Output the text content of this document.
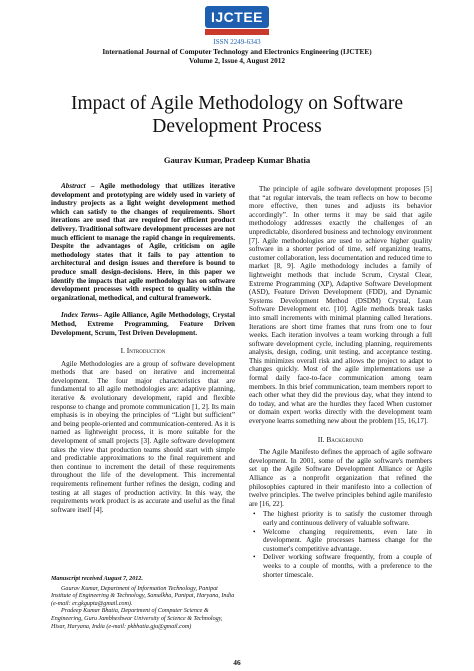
IJCTEE
ISSN 2249-6343
International Journal of Computer Technology and Electronics Engineering (IJCTEE)
Volume 2, Issue 4, August 2012
Impact of Agile Methodology on Software Development Process
Gaurav Kumar, Pradeep Kumar Bhatia

Abstract – Agile methodology that utilizes iterative development and prototyping are widely used in variety of industry projects as a light weight development method which can satisfy to the changes of requirements. Short iterations are used that are required for efficient product delivery. Traditional software development processes are not much efficient to manage the rapid change in requirements. Despite the advantages of Agile, criticism on agile methodology states that it fails to pay attention to architectural and design issues and therefore is bound to produce small design-decisions. Here, in this paper we identify the impacts that agile methodology has on software development processes with respect to quality within the organizational, methodical, and cultural framework.

Index Terms– Agile Alliance, Agile Methodology, Crystal Method, Extreme Programming, Feature Driven Development, Scrum, Test Driven Development.

I. Introduction

Agile Methodologies are a group of software development methods that are based on iterative and incremental development. The four major characteristics that are fundamental to all agile methodologies are: adaptive planning, iterative & evolutionary development, rapid and flexible response to change and promote communication [1, 2]. Its main emphasis is in obeying the principles of “Light but sufficient” and being people-oriented and communication-centered. As it is named as lightweight process, it is more suitable for the development of small projects [3]. Agile software development takes the view that production teams should start with simple and predictable approximations to the final requirement and then continue to increment the detail of these requirements throughout the life of the development. This incremental requirements refinement further refines the design, coding and testing at all stages of production activity. In this way, the requirements work product is as accurate and useful as the final software itself [4].

Manuscript received August 7, 2012.

Gaurav Kumar, Department of Information Technology, Panipat Institute of Engineering & Technology, Samalkha, Panipat, Haryana, India (e-mail: er.gkgupta@gmail.com).

Pradeep Kumar Bhatia, Department of Computer Science & Engineering, Guru Jambheshwar University of Science & Technology, Hisar, Haryana, India (e-mail: pkbhatia.gju@gmail.com)

The principle of agile software development proposes [5] that “at regular intervals, the team reflects on how to become more effective, then tunes and adjusts its behavior accordingly”. In other terms it may be said that agile methodology addresses exactly the challenges of an unpredictable, disordered business and technology environment [7]. Agile methodologies are used to achieve higher quality software in a shorter period of time, self organizing teams, customer collaboration, less documentation and reduced time to market [8, 9]. Agile methodology includes a family of lightweight methods that include Scrum, Crystal Clear, Extreme Programming (XP), Adaptive Software Development (ASD), Feature Driven Development (FDD), and Dynamic Systems Development Method (DSDM) Crystal, Lean Software Development etc. [10]. Agile methods break tasks into small increments with minimal planning called Iterations. Iterations are short time frames that runs from one to four weeks. Each iteration involves a team working through a full software development cycle, including planning, requirements analysis, design, coding, unit testing, and acceptance testing. This minimizes overall risk and allows the project to adapt to changes quickly. Most of the agile implementations use a formal daily face-to-face communication among team members. In this brief communication, team members report to each other what they did the previous day, what they intend to do today, and what are the hurdles they faced When customer or domain expert works directly with the development team everyone learns something new about the problem [15, 16,17].

II. Background

The Agile Manifesto defines the approach of agile software development. In 2001, some of the agile software's members set up the Agile Software Development Alliance or Agile Alliance as a nonprofit organization that refined the philosophies captured in their manifesto into a collection of twelve principles. The twelve principles behind agile manifesto are [16, 22].

• The highest priority is to satisfy the customer through early and continuous delivery of valuable software.
• Welcome changing requirements, even late in development. Agile processes harness change for the customer's competitive advantage.
• Deliver working software frequently, from a couple of weeks to a couple of months, with a preference to the shorter timescale.
46
